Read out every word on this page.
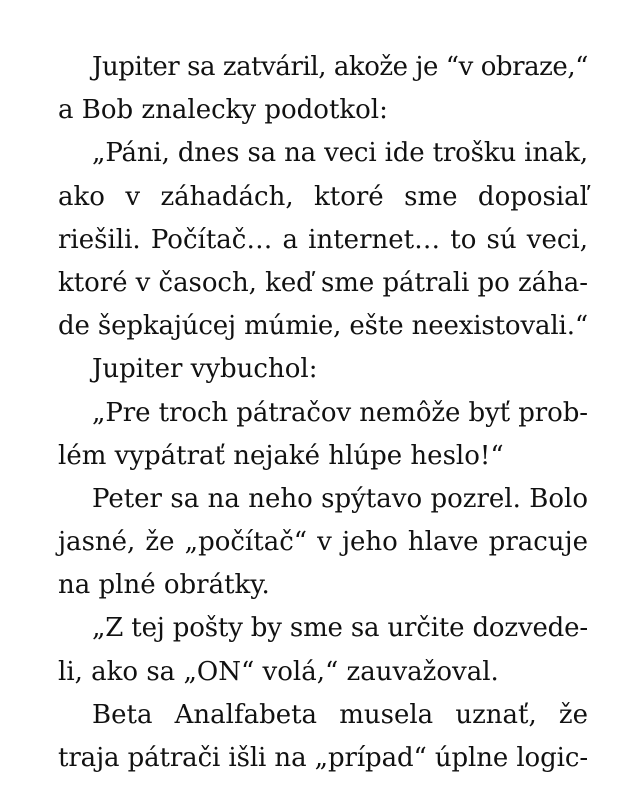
Jupiter sa zatváril, akože je “v obraze,“
a Bob znalecky podotkol:
„Páni, dnes sa na veci ide trošku inak,
ako v záhadách, ktoré sme doposiaľ
riešili. Počítač… a internet… to sú veci,
ktoré v časoch, keď sme pátrali po záha-
de šepkajúcej múmie, ešte neexistovali.“
Jupiter vybuchol:
„Pre troch pátračov nemôže byť prob-
lém vypátrať nejaké hlúpe heslo!“
Peter sa na neho spýtavo pozrel. Bolo
jasné, že „počítač“ v jeho hlave pracuje
na plné obrátky.
„Z tej pošty by sme sa určite dozvede-
li, ako sa „ON“ volá,“ zauvažoval.
Beta Analfabeta musela uznať, že
traja pátrači išli na „prípad“ úplne logic-
